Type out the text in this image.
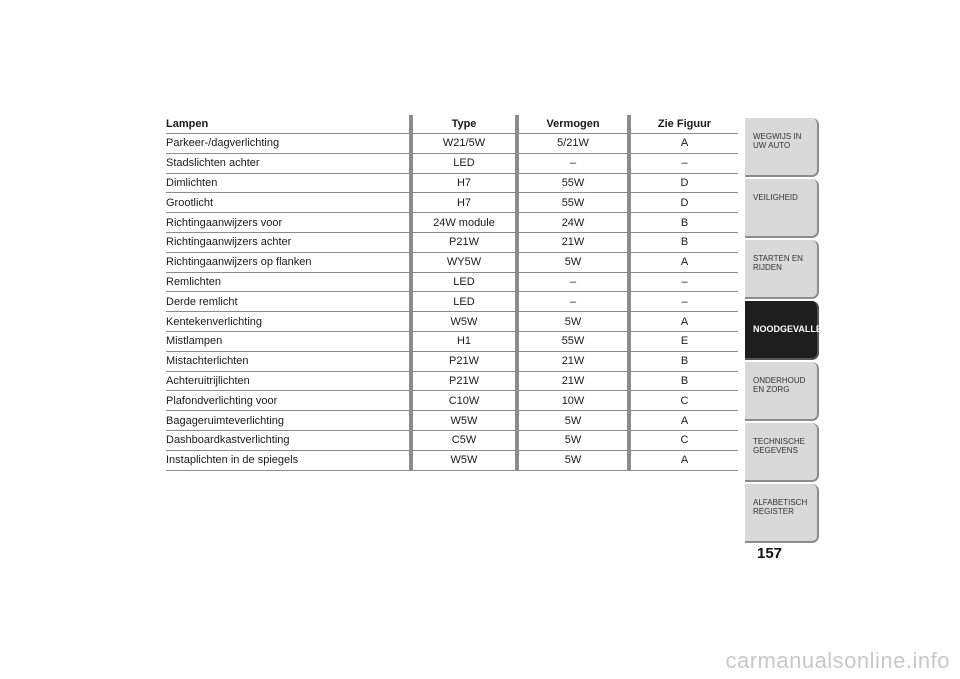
Lampen	Type	Vermogen	Zie Figuur
Parkeer-/dagverlichting	W21/5W	5/21W	A
Stadslichten achter	LED	–	–
Dimlichten	H7	55W	D
Grootlicht	H7	55W	D
Richtingaanwijzers voor	24W module	24W	B
Richtingaanwijzers achter	P21W	21W	B
Richtingaanwijzers op flanken	WY5W	5W	A
Remlichten	LED	–	–
Derde remlicht	LED	–	–
Kentekenverlichting	W5W	5W	A
Mistlampen	H1	55W	E
Mistachterlichten	P21W	21W	B
Achteruitrijlichten	P21W	21W	B
Plafondverlichting voor	C10W	10W	C
Bagageruimteverlichting	W5W	5W	A
Dashboardkastverlichting	C5W	5W	C
Instaplichten in de spiegels	W5W	5W	A
WEGWIJS IN UW AUTO
VEILIGHEID
STARTEN EN RIJDEN
NOODGEVALLEN
ONDERHOUD EN ZORG
TECHNISCHE GEGEVENS
ALFABETISCH REGISTER
157
carmanualsonline.info
